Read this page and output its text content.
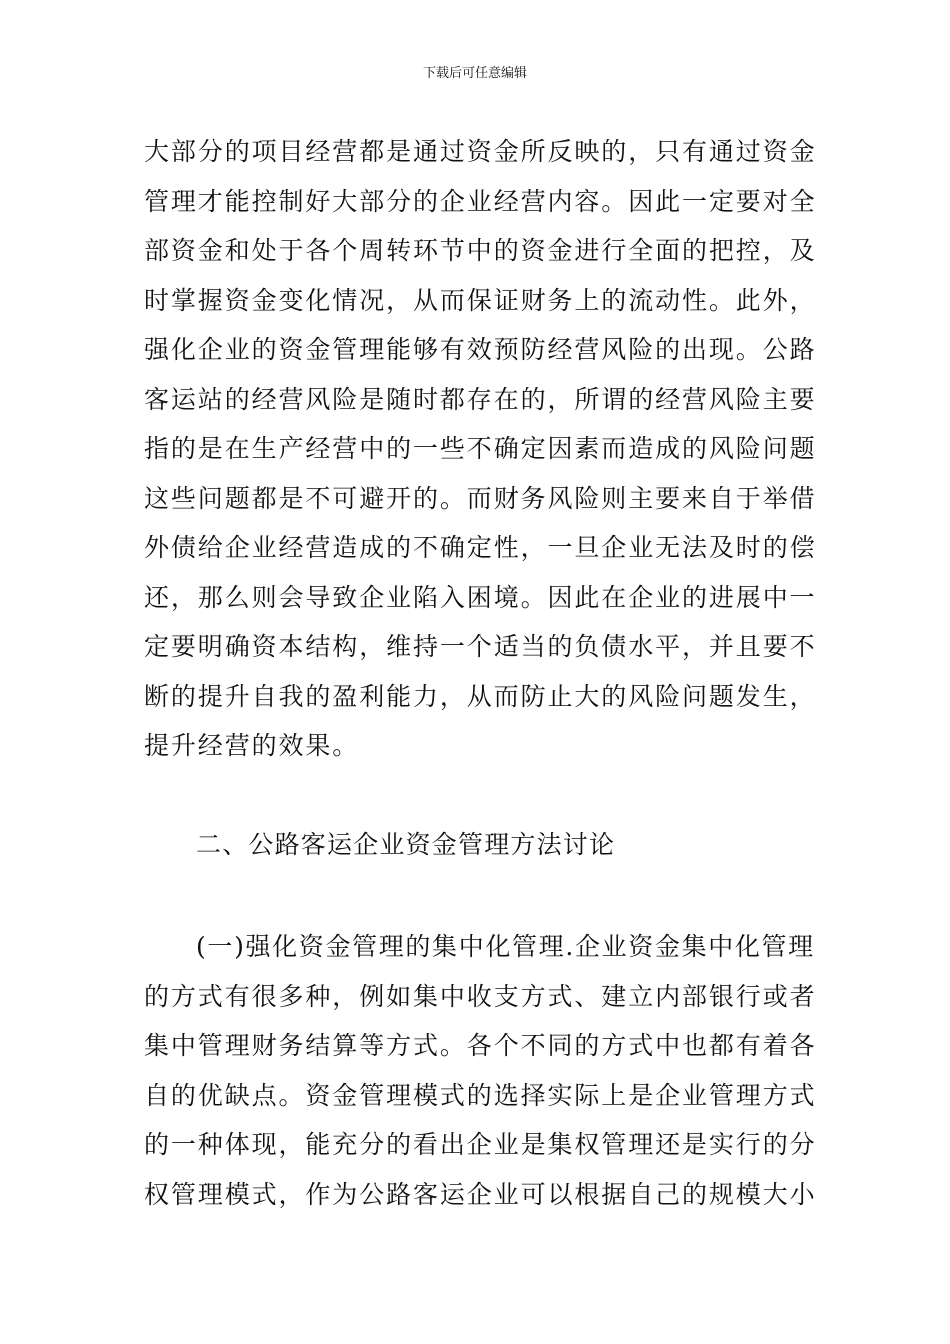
下载后可任意编辑
大部分的项目经营都是通过资金所反映的，只有通过资金
管理才能控制好大部分的企业经营内容。因此一定要对全
部资金和处于各个周转环节中的资金进行全面的把控，及
时掌握资金变化情况，从而保证财务上的流动性。此外，
强化企业的资金管理能够有效预防经营风险的出现。公路
客运站的经营风险是随时都存在的，所谓的经营风险主要
指的是在生产经营中的一些不确定因素而造成的风险问题
这些问题都是不可避开的。而财务风险则主要来自于举借
外债给企业经营造成的不确定性，一旦企业无法及时的偿
还，那么则会导致企业陷入困境。因此在企业的进展中一
定要明确资本结构，维持一个适当的负债水平，并且要不
断的提升自我的盈利能力，从而防止大的风险问题发生，
提升经营的效果。
二、公路客运企业资金管理方法讨论
(一)强化资金管理的集中化管理.企业资金集中化管理
的方式有很多种，例如集中收支方式、建立内部银行或者
集中管理财务结算等方式。各个不同的方式中也都有着各
自的优缺点。资金管理模式的选择实际上是企业管理方式
的一种体现，能充分的看出企业是集权管理还是实行的分
权管理模式，作为公路客运企业可以根据自己的规模大小
